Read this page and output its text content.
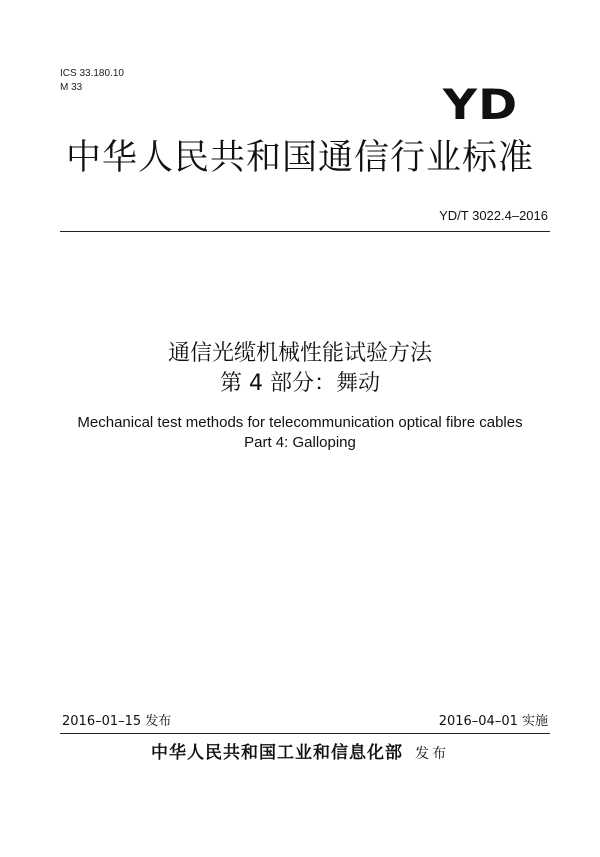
ICS 33.180.10
M 33	YD
中华人民共和国通信行业标准
YD/T 3022.4–2016
通信光缆机械性能试验方法
第 4 部分：舞动
Mechanical test methods for telecommunication optical fibre cables
Part 4: Galloping
2016–01–15 发布	2016–04–01 实施
中华人民共和国工业和信息化部 发布
